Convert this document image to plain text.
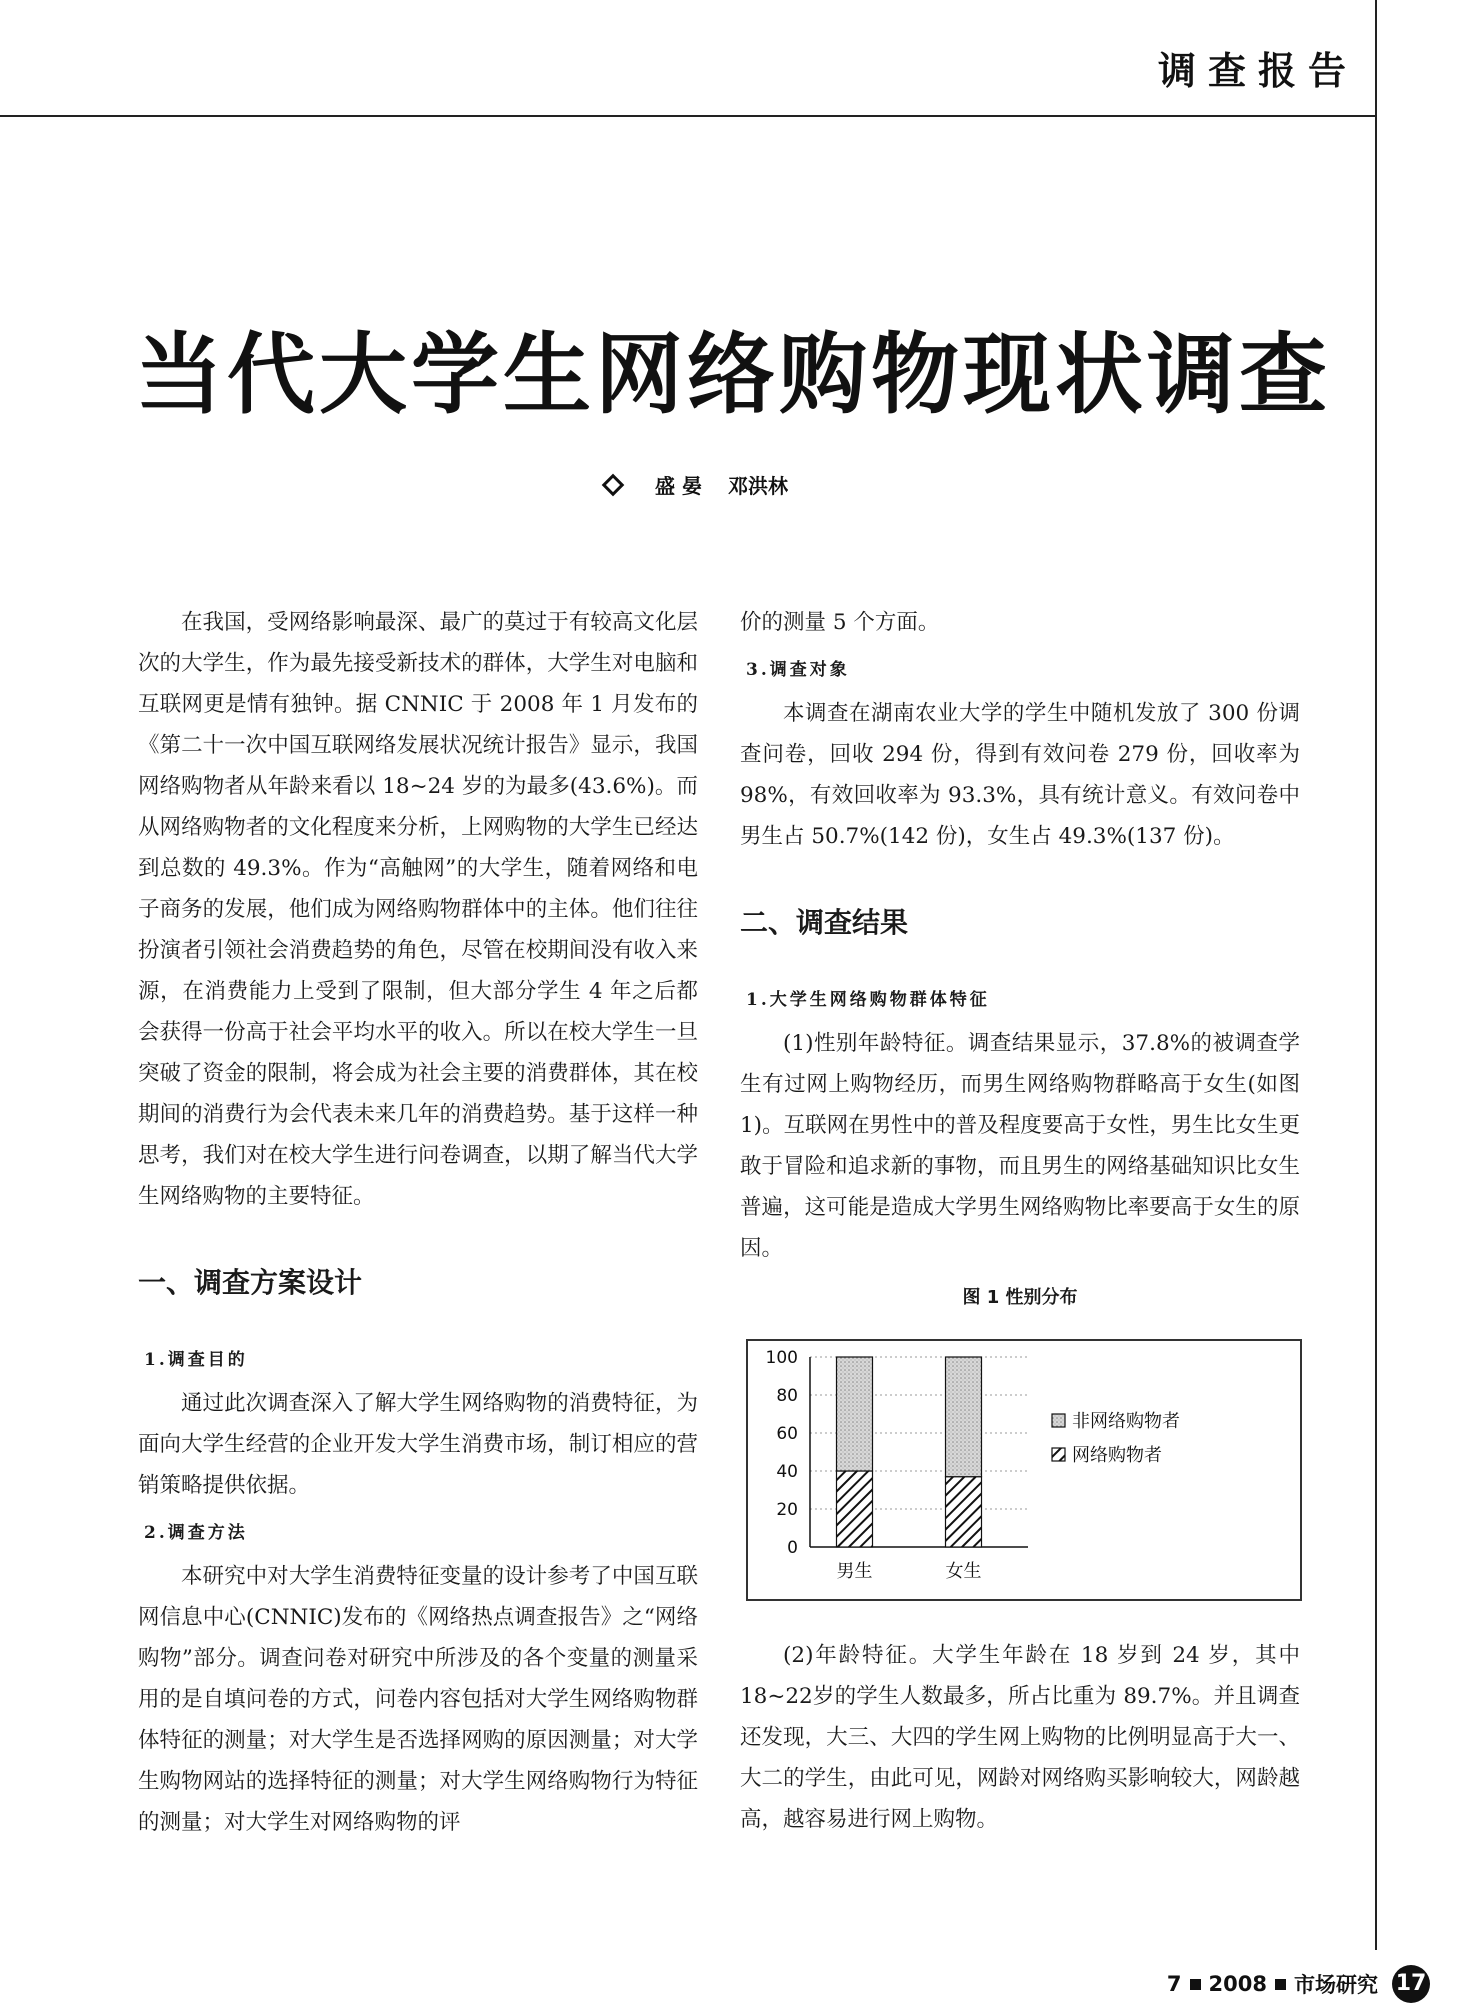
调查报告
当代大学生网络购物现状调查
盛 晏 邓洪林

在我国，受网络影响最深、最广的莫过于有较高文化层次的大学生，作为最先接受新技术的群体，大学生对电脑和互联网更是情有独钟。据 CNNIC 于 2008 年 1 月发布的《第二十一次中国互联网络发展状况统计报告》显示，我国网络购物者从年龄来看以 18~24 岁的为最多(43.6%)。而从网络购物者的文化程度来分析，上网购物的大学生已经达到总数的 49.3%。作为“高触网”的大学生，随着网络和电子商务的发展，他们成为网络购物群体中的主体。他们往往扮演者引领社会消费趋势的角色，尽管在校期间没有收入来源，在消费能力上受到了限制，但大部分学生 4 年之后都会获得一份高于社会平均水平的收入。所以在校大学生一旦突破了资金的限制，将会成为社会主要的消费群体，其在校期间的消费行为会代表未来几年的消费趋势。基于这样一种思考，我们对在校大学生进行问卷调查，以期了解当代大学生网络购物的主要特征。

一、调查方案设计
1.调查目的

通过此次调查深入了解大学生网络购物的消费特征，为面向大学生经营的企业开发大学生消费市场，制订相应的营销策略提供依据。

2.调查方法

本研究中对大学生消费特征变量的设计参考了中国互联网信息中心(CNNIC)发布的《网络热点调查报告》之“网络购物”部分。调查问卷对研究中所涉及的各个变量的测量采用的是自填问卷的方式，问卷内容包括对大学生网络购物群体特征的测量；对大学生是否选择网购的原因测量；对大学生购物网站的选择特征的测量；对大学生网络购物行为特征的测量；对大学生对网络购物的评

价的测量 5 个方面。

3.调查对象

本调查在湖南农业大学的学生中随机发放了 300 份调查问卷，回收 294 份，得到有效问卷 279 份，回收率为 98%，有效回收率为 93.3%，具有统计意义。有效问卷中男生占 50.7%(142 份)，女生占 49.3%(137 份)。

二、调查结果
1.大学生网络购物群体特征

(1)性别年龄特征。调查结果显示，37.8%的被调查学生有过网上购物经历，而男生网络购物群略高于女生(如图 1)。互联网在男性中的普及程度要高于女性，男生比女生更敢于冒险和追求新的事物，而且男生的网络基础知识比女生普遍，这可能是造成大学男生网络购物比率要高于女生的原因。

图 1 性别分布
0
20
40
60
80
100
男生	女生
非网络购物者
网络购物者

(2)年龄特征。大学生年龄在 18 岁到 24 岁，其中 18~22岁的学生人数最多，所占比重为 89.7%。并且调查还发现，大三、大四的学生网上购物的比例明显高于大一、大二的学生，由此可见，网龄对网络购买影响较大，网龄越高，越容易进行网上购物。

7 2008 市场研究 17
